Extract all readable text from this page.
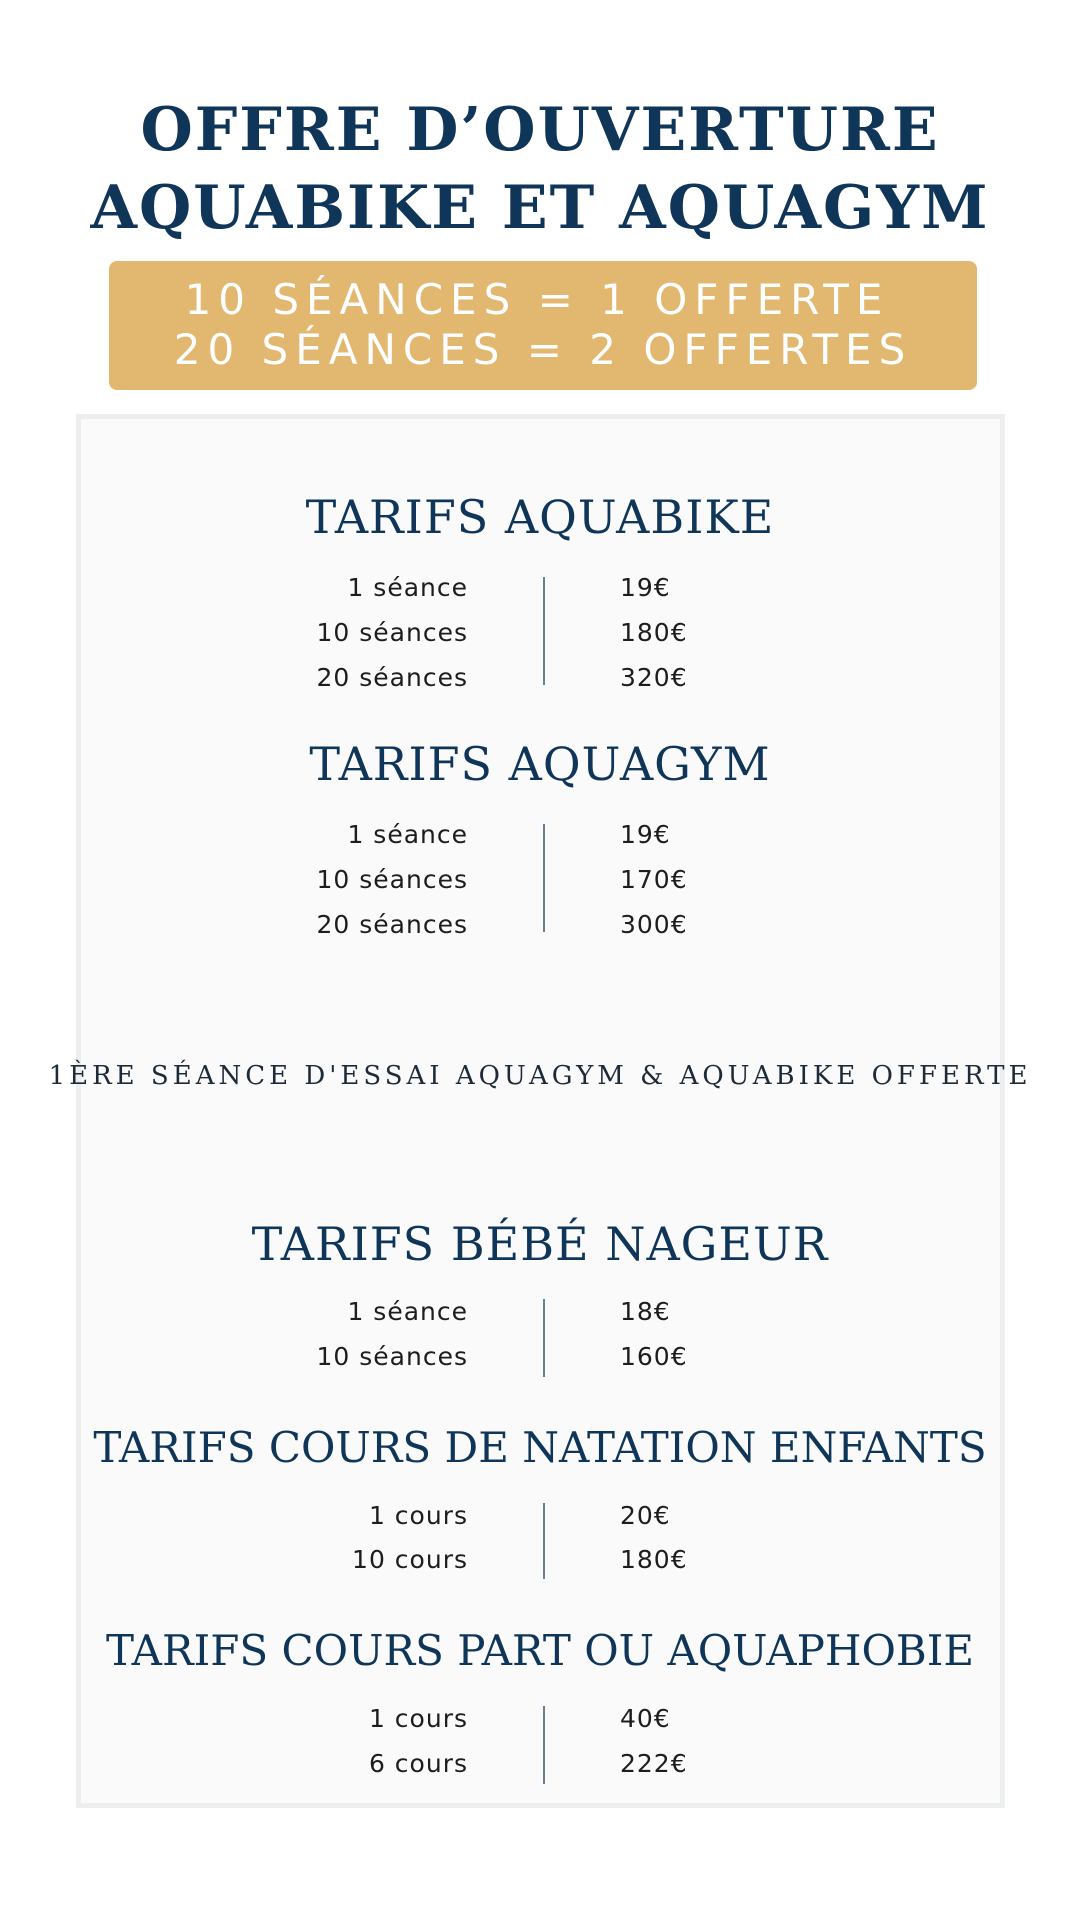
OFFRE D’OUVERTURE
AQUABIKE ET AQUAGYM
10 SÉANCES = 1 OFFERTE
20 SÉANCES = 2 OFFERTES
TARIFS AQUABIKE
1 séance	19€
10 séances	180€
20 séances	320€
TARIFS AQUAGYM
1 séance	19€
10 séances	170€
20 séances	300€
1ÈRE SÉANCE D'ESSAI AQUAGYM & AQUABIKE OFFERTE
TARIFS BÉBÉ NAGEUR
1 séance	18€
10 séances	160€
TARIFS COURS DE NATATION ENFANTS
1 cours	20€
10 cours	180€
TARIFS COURS PART OU AQUAPHOBIE
1 cours	40€
6 cours	222€
